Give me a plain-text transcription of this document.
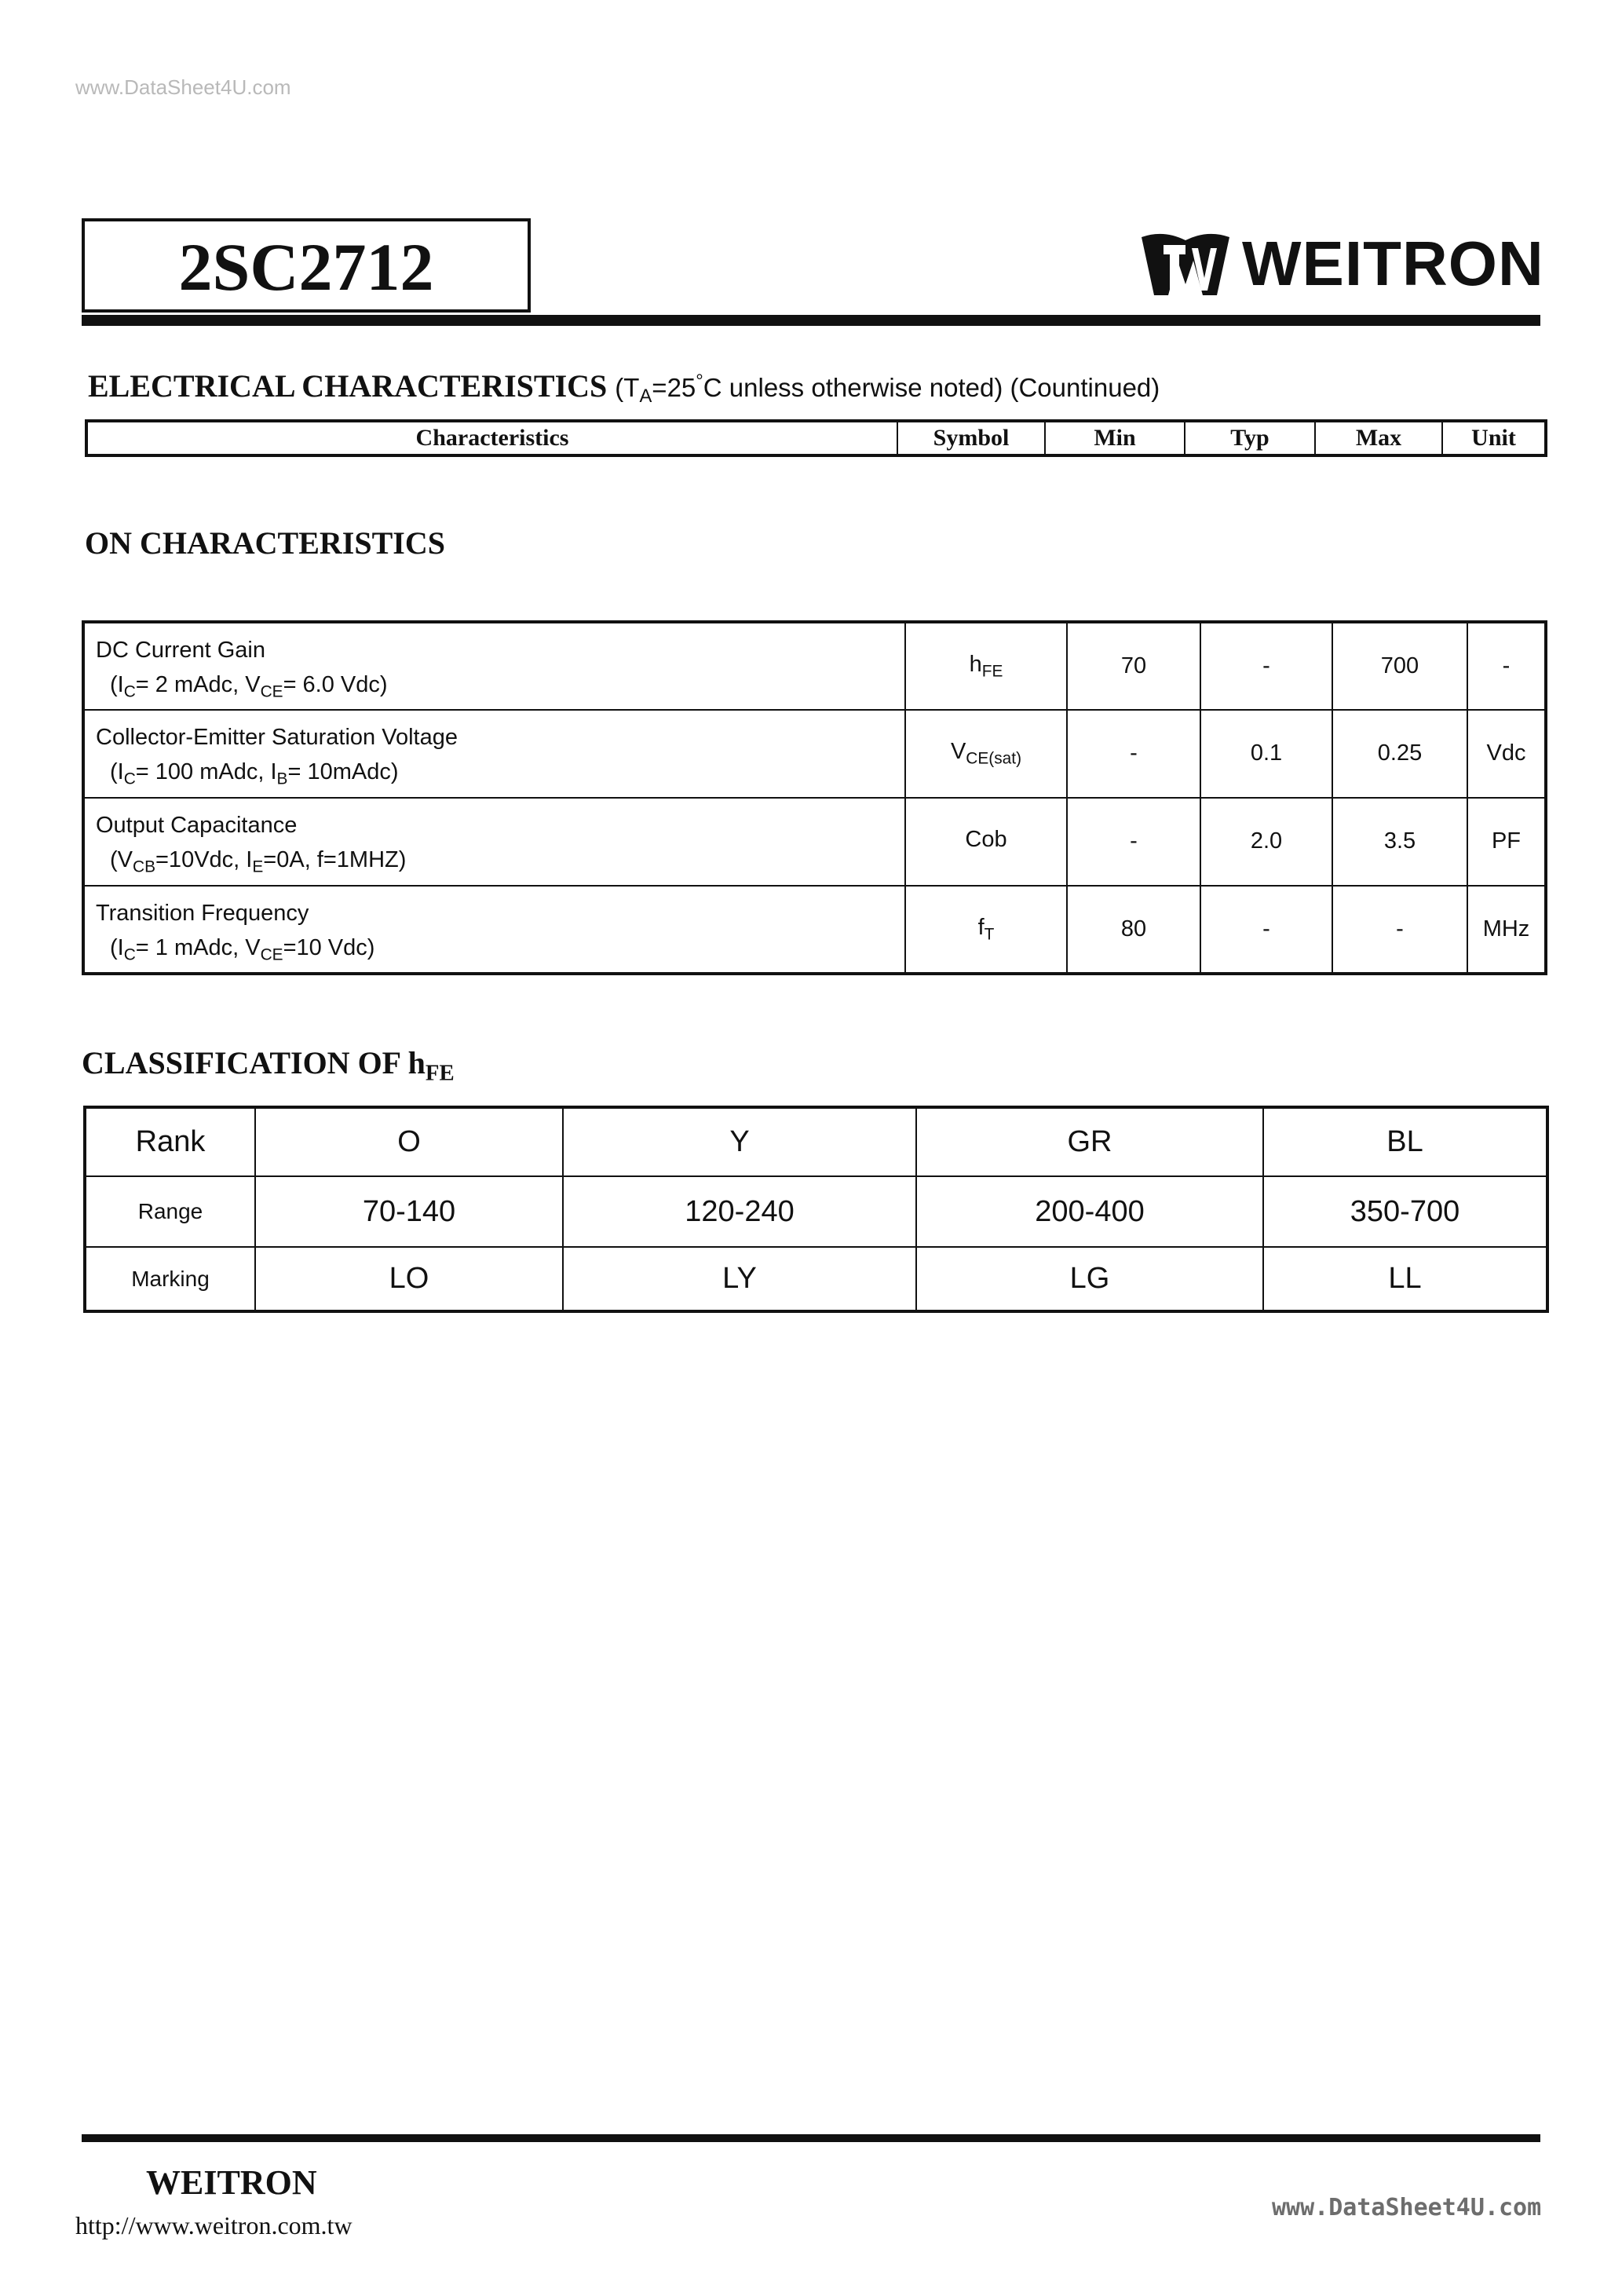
www.DataSheet4U.com
2SC2712	WEITRON
ELECTRICAL CHARACTERISTICS ($T_A=25^\circ C$ unless otherwise noted) (Countinued)
Characteristics	Symbol	Min	Typ	Max	Unit
ON CHARACTERISTICS
DC Current Gain
($I_C= 2$ mAdc, $V_{CE}= 6.0$ Vdc)	$h_{FE}$	70	-	700	-

Collector-Emitter Saturation Voltage
($I_C= 100$ mAdc, $I_B=$ 10mAdc)	$V_{CE(sat)}$	-	0.1	0.25	Vdc

Output Capacitance
($V_{CB}=10Vdc$, $I_E=0A$, f=1MHZ)	Cob	-	2.0	3.5	PF

Transition Frequency
($I_C= 1$ mAdc, $V_{CE}=10$ Vdc)	$f_T$	80	-	-	MHz
CLASSIFICATION OF $h_{FE}$
Rank	O	Y	GR	BL
Range	70-140	120-240	200-400	350-700
Marking	LO	LY	LG	LL
WEITRON
http://www.weitron.com.tw
www.DataSheet4U.com
